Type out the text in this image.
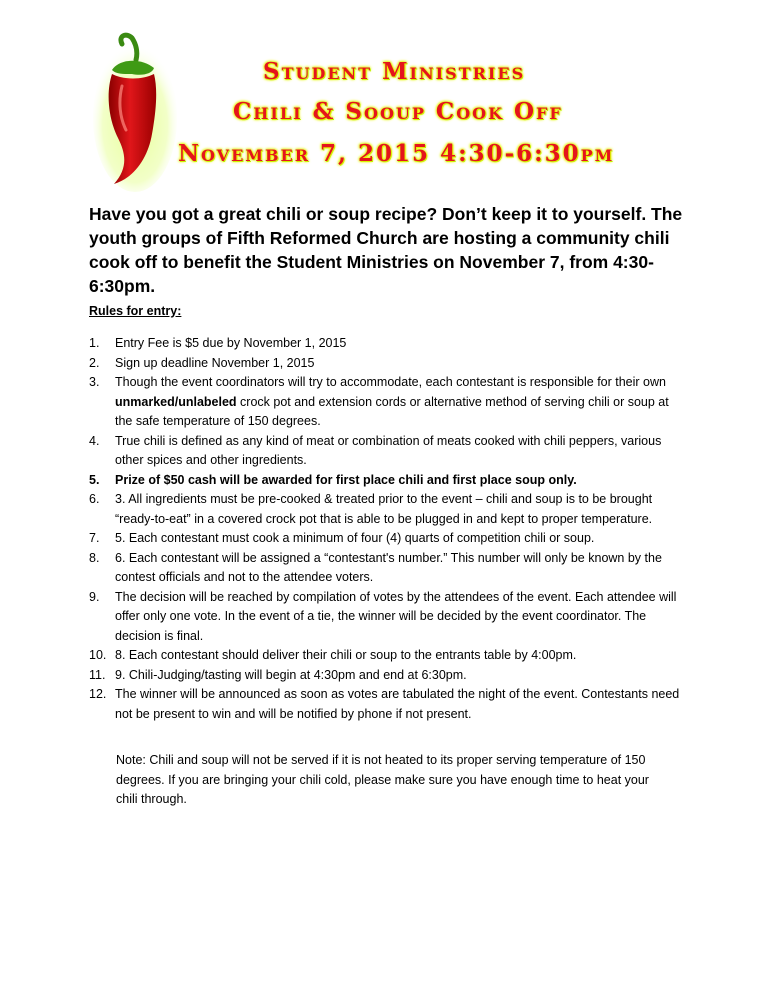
Student Ministries
Chili & Sooup Cook Off
November 7, 2015 4:30-6:30pm
Have you got a great chili or soup recipe? Don’t keep it to yourself. The youth groups of Fifth Reformed Church are hosting a community chili cook off to benefit the Student Ministries on November 7, from 4:30-6:30pm.
Rules for entry:
1.	Entry Fee is $5 due by November 1, 2015
2.	Sign up deadline November 1, 2015
3.	Though the event coordinators will try to accommodate, each contestant is responsible for their own unmarked/unlabeled crock pot and extension cords or alternative method of serving chili or soup at the safe temperature of 150 degrees.
4.	True chili is defined as any kind of meat or combination of meats cooked with chili peppers, various other spices and other ingredients.
5.	Prize of $50 cash will be awarded for first place chili and first place soup only.
6.	3. All ingredients must be pre-cooked & treated prior to the event – chili and soup is to be brought “ready-to-eat” in a covered crock pot that is able to be plugged in and kept to proper temperature.
7.	5. Each contestant must cook a minimum of four (4) quarts of competition chili or soup.
8.	6. Each contestant will be assigned a “contestant's number.” This number will only be known by the contest officials and not to the attendee voters.
9.	The decision will be reached by compilation of votes by the attendees of the event. Each attendee will offer only one vote. In the event of a tie, the winner will be decided by the event coordinator. The decision is final.
10. 8. Each contestant should deliver their chili or soup to the entrants table by 4:00pm.
11. 9. Chili-Judging/tasting will begin at 4:30pm and end at 6:30pm.
12. The winner will be announced as soon as votes are tabulated the night of the event. Contestants need not be present to win and will be notified by phone if not present.
Note: Chili and soup will not be served if it is not heated to its proper serving temperature of 150 degrees. If you are bringing your chili cold, please make sure you have enough time to heat your chili through.
